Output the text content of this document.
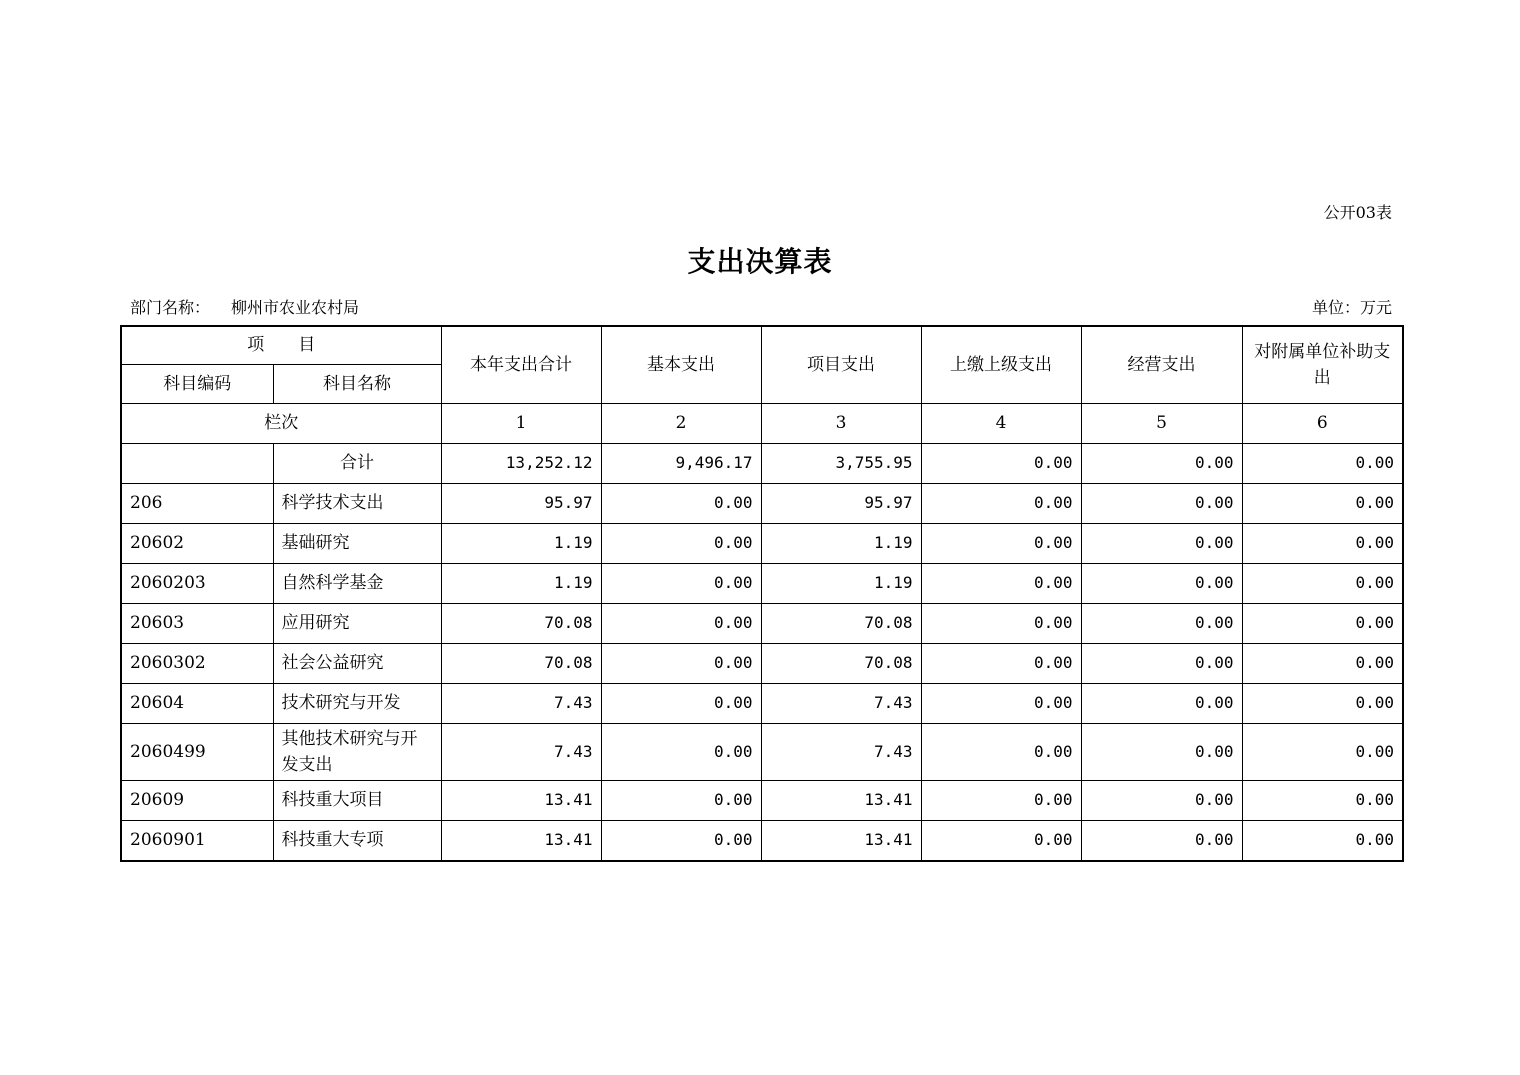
公开03表
支出决算表
部门名称： 柳州市农业农村局	单位：万元
项　　目		本年支出合计	基本支出	项目支出	上缴上级支出	经营支出	对附属单位补助支出
科目编码	科目名称						
栏次		1	2	3	4	5	6
	合计	13,252.12	9,496.17	3,755.95	0.00	0.00	0.00
206	科学技术支出	95.97	0.00	95.97	0.00	0.00	0.00
20602	基础研究	1.19	0.00	1.19	0.00	0.00	0.00
2060203	自然科学基金	1.19	0.00	1.19	0.00	0.00	0.00
20603	应用研究	70.08	0.00	70.08	0.00	0.00	0.00
2060302	社会公益研究	70.08	0.00	70.08	0.00	0.00	0.00
20604	技术研究与开发	7.43	0.00	7.43	0.00	0.00	0.00
2060499	其他技术研究与开发支出	7.43	0.00	7.43	0.00	0.00	0.00
20609	科技重大项目	13.41	0.00	13.41	0.00	0.00	0.00
2060901	科技重大专项	13.41	0.00	13.41	0.00	0.00	0.00
